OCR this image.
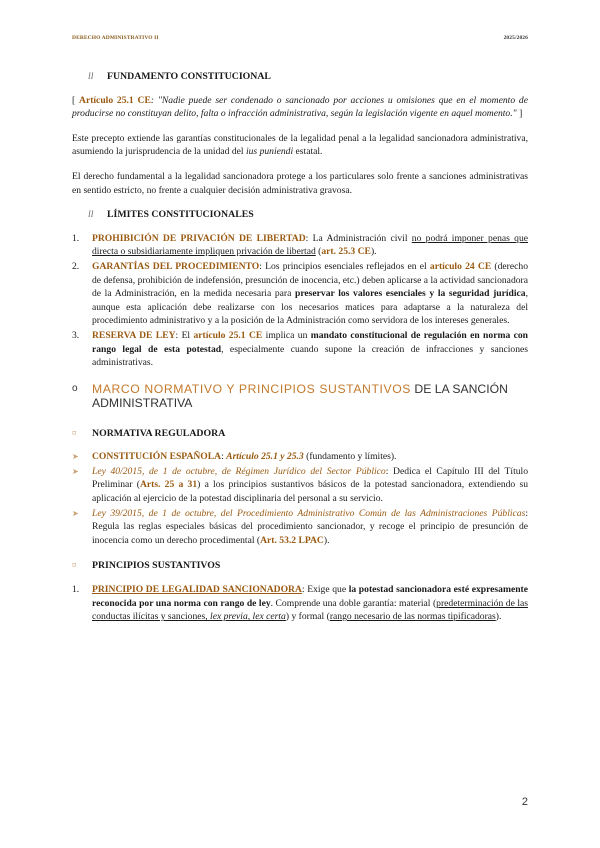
DERECHO ADMINISTRATIVO II	2025/2026
ll	FUNDAMENTO CONSTITUCIONAL

[ Artículo 25.1 CE: "Nadie puede ser condenado o sancionado por acciones u omisiones que en el momento de producirse no constituyan delito, falta o infracción administrativa, según la legislación vigente en aquel momento." ]

Este precepto extiende las garantías constitucionales de la legalidad penal a la legalidad sancionadora administrativa, asumiendo la jurisprudencia de la unidad del ius puniendi estatal.

El derecho fundamental a la legalidad sancionadora protege a los particulares solo frente a sanciones administrativas en sentido estricto, no frente a cualquier decisión administrativa gravosa.

ll	LÍMITES CONSTITUCIONALES
1.	PROHIBICIÓN DE PRIVACIÓN DE LIBERTAD: La Administración civil no podrá imponer penas que directa o subsidiariamente impliquen privación de libertad (art. 25.3 CE).
2.	GARANTÍAS DEL PROCEDIMIENTO: Los principios esenciales reflejados en el artículo 24 CE (derecho de defensa, prohibición de indefensión, presunción de inocencia, etc.) deben aplicarse a la actividad sancionadora de la Administración, en la medida necesaria para preservar los valores esenciales y la seguridad jurídica, aunque esta aplicación debe realizarse con los necesarios matices para adaptarse a la naturaleza del procedimiento administrativo y a la posición de la Administración como servidora de los intereses generales.
3.	RESERVA DE LEY: El artículo 25.1 CE implica un mandato constitucional de regulación en norma con rango legal de esta potestad, especialmente cuando supone la creación de infracciones y sanciones administrativas.
o	MARCO NORMATIVO Y PRINCIPIOS SUSTANTIVOS DE LA SANCIÓN ADMINISTRATIVA
¤	NORMATIVA REGULADORA
➤	CONSTITUCIÓN ESPAÑOLA: Artículo 25.1 y 25.3 (fundamento y límites).
➤	Ley 40/2015, de 1 de octubre, de Régimen Jurídico del Sector Público: Dedica el Capítulo III del Título Preliminar (Arts. 25 a 31) a los principios sustantivos básicos de la potestad sancionadora, extendiendo su aplicación al ejercicio de la potestad disciplinaria del personal a su servicio.
➤	Ley 39/2015, de 1 de octubre, del Procedimiento Administrativo Común de las Administraciones Públicas: Regula las reglas especiales básicas del procedimiento sancionador, y recoge el principio de presunción de inocencia como un derecho procedimental (Art. 53.2 LPAC).
¤	PRINCIPIOS SUSTANTIVOS
1.	PRINCIPIO DE LEGALIDAD SANCIONADORA: Exige que la potestad sancionadora esté expresamente reconocida por una norma con rango de ley. Comprende una doble garantía: material (predeterminación de las conductas ilícitas y sanciones, lex previa, lex certa) y formal (rango necesario de las normas tipificadoras).
2
